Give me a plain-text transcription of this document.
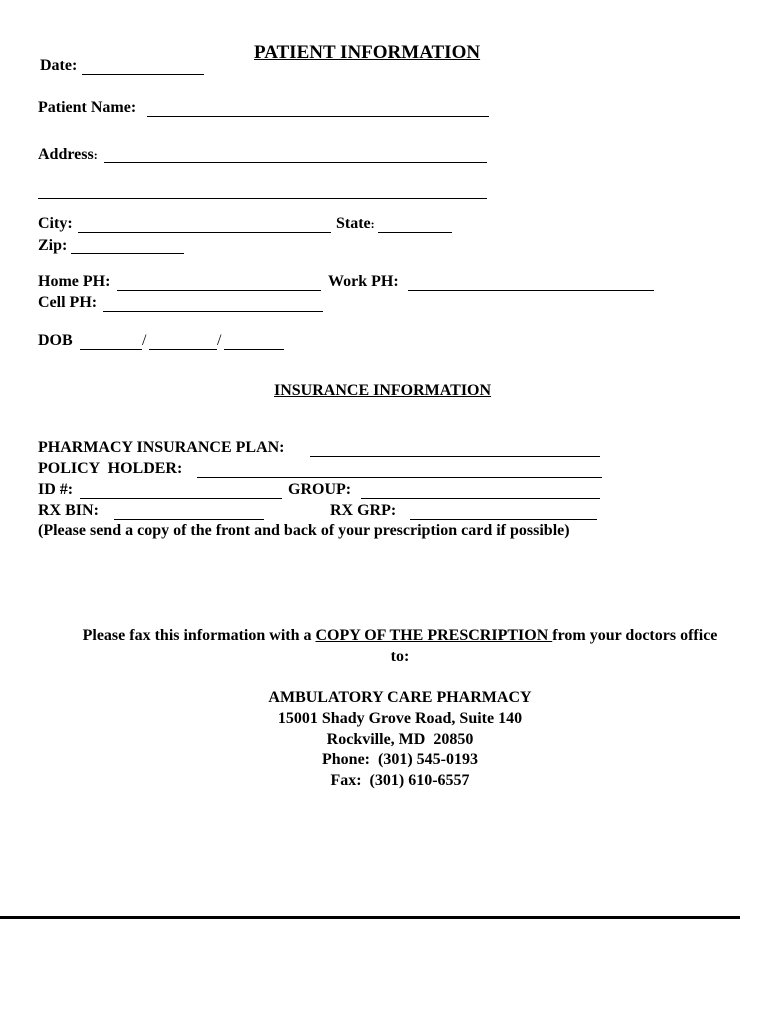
PATIENT INFORMATION
Date:
Patient Name:
Address:
City:	State:
Zip:
Home PH:	Work PH:
Cell PH:
DOB	/	/
INSURANCE INFORMATION
PHARMACY INSURANCE PLAN:
POLICY  HOLDER:
ID #:	GROUP:
RX BIN:	RX GRP:
(Please send a copy of the front and back of your prescription card if possible)
Please fax this information with a COPY OF THE PRESCRIPTION from your doctors office
to:
AMBULATORY CARE PHARMACY
15001 Shady Grove Road, Suite 140
Rockville, MD  20850
Phone:  (301) 545-0193
Fax:  (301) 610-6557
